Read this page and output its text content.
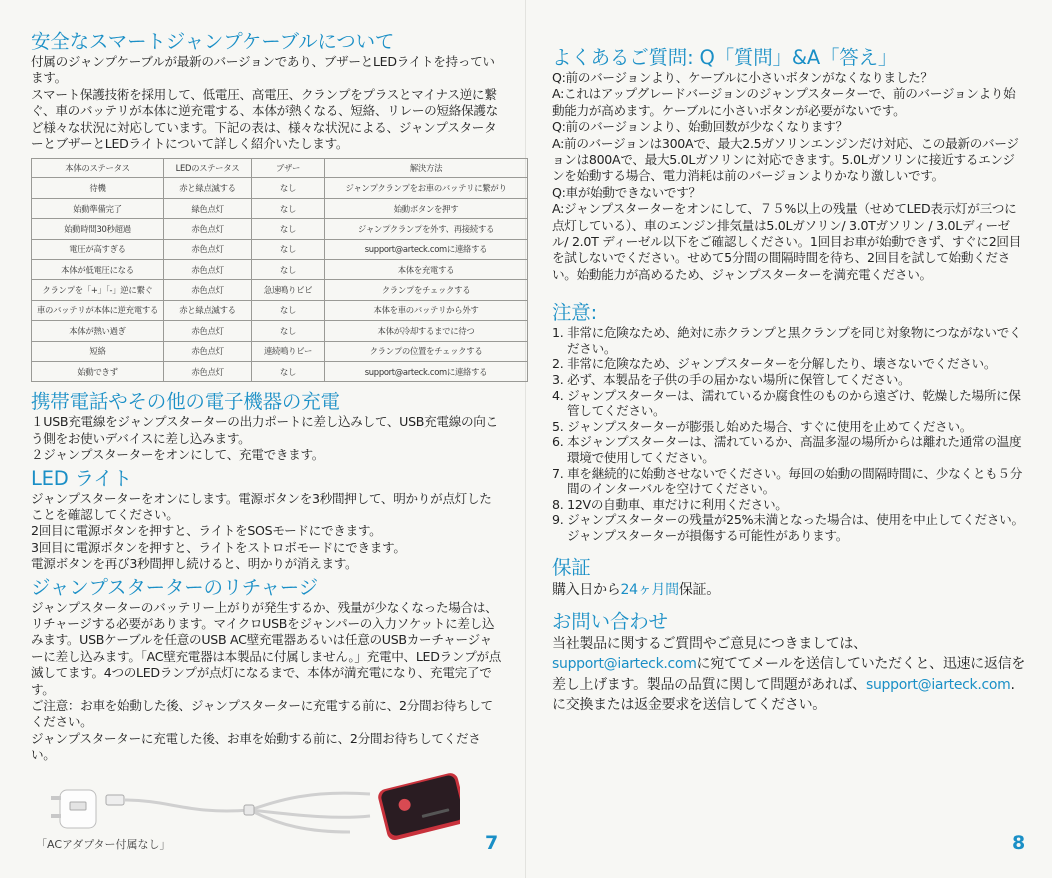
安全なスマートジャンプケーブルについて

付属のジャンプケーブルが最新のバージョンであり、ブザーとLEDライトを持っています。

スマート保護技術を採用して、低電圧、高電圧、クランプをプラスとマイナス逆に繋ぐ、車のバッテリが本体に逆充電する、本体が熱くなる、短絡、リレーの短絡保護など様々な状況に対応しています。下記の表は、様々な状況による、ジャンプスターターとブザーとLEDライトについて詳しく紹介いたします。

本体のステータス	LEDのステータス	ブザー	解決方法
待機	赤と緑点滅する	なし	ジャンプクランプをお車のバッテリに繋がり
始動準備完了	緑色点灯	なし	始動ボタンを押す
始動時間30秒超過	赤色点灯	なし	ジャンプクランプを外す、再接続する
電圧が高すぎる	赤色点灯	なし	support@arteck.comに連絡する
本体が低電圧になる	赤色点灯	なし	本体を充電する
クランプを「+」「-」逆に繋ぐ	赤色点灯	急速鳴りビビ	クランプをチェックする
車のバッテリが本体に逆充電する	赤と緑点滅する	なし	本体を車のバッテリから外す
本体が熱い過ぎ	赤色点灯	なし	本体が冷却するまでに待つ
短絡	赤色点灯	連続鳴りビー	クランプの位置をチェックする
始動できず	赤色点灯	なし	support@arteck.comに連絡する
携帯電話やその他の電子機器の充電

１USB充電線をジャンプスターターの出力ポートに差し込みして、USB充電線の向こう側をお使いデバイスに差し込みます。

２ジャンプスターターをオンにして、充電できます。

LED ライト

ジャンプスターターをオンにします。電源ボタンを3秒間押して、明かりが点灯したことを確認してください。

2回目に電源ボタンを押すと、ライトをSOSモードにできます。

3回目に電源ボタンを押すと、ライトをストロボモードにできます。

電源ボタンを再び3秒間押し続けると、明かりが消えます。

ジャンプスターターのリチャージ

ジャンプスターターのバッテリー上がりが発生するか、残量が少なくなった場合は、リチャージする必要があります。マイクロUSBをジャンパーの入力ソケットに差し込みます。USBケーブルを任意のUSB AC壁充電器あるいは任意のUSBカーチャージャーに差し込みます。「AC壁充電器は本製品に付属しません。」充電中、LEDランプが点滅してます。4つのLEDランプが点灯になるまで、本体が満充電になり、充電完了です。

ご注意：お車を始動した後、ジャンプスターターに充電する前に、2分間お待ちしてください。

ジャンプスターターに充電した後、お車を始動する前に、2分間お待ちしてください。

「ACアダプター付属なし」	7
よくあるご質問: Q「質問」&A「答え」

Q:前のバージョンより、ケーブルに小さいボタンがなくなりました？

A:これはアップグレードバージョンのジャンプスターターで、前のバージョンより始動能力が高めます。ケーブルに小さいボタンが必要がないです。

Q:前のバージョンより、始動回数が少なくなります？

A:前のバージョンは300Aで、最大2.5ガソリンエンジンだけ対応、この最新のバージョンは800Aで、最大5.0Lガソリンに対応できます。5.0Lガソリンに接近するエンジンを始動する場合、電力消耗は前のバージョンよりかなり激しいです。

Q:車が始動できないです？

A:ジャンプスターターをオンにして、７５%以上の残量（せめてLED表示灯が三つに点灯している）、車のエンジン排気量は5.0Lガソリン/ 3.0Tガソリン / 3.0Lディーゼル/ 2.0T ディーゼル以下をご確認しください。1回目お車が始動できず、すぐに2回目を試しないでください。せめて5分間の間隔時間を待ち、2回目を試して始動ください。始動能力が高めるため、ジャンプスターターを満充電ください。

注意:
1. 非常に危険なため、絶対に赤クランプと黒クランプを同じ対象物につながないでください。
2. 非常に危険なため、ジャンプスターターを分解したり、壊さないでください。
3. 必ず、本製品を子供の手の届かない場所に保管してください。
4. ジャンプスターターは、濡れているか腐食性のものから遠ざけ、乾燥した場所に保管してください。
5. ジャンプスターターが膨張し始めた場合、すぐに使用を止めてください。
6. 本ジャンプスターターは、濡れているか、高温多湿の場所からは離れた通常の温度環境で使用してください。
7. 車を継続的に始動させないでください。毎回の始動の間隔時間に、少なくとも５分間のインターバルを空けてください。
8. 12Vの自動車、車だけに利用ください。
9. ジャンプスターターの残量が25%未満となった場合は、使用を中止してください。ジャンプスターターが損傷する可能性があります。
保証

購入日から24ヶ月間保証。

お問い合わせ

当社製品に関するご質問やご意見につきましては、
support@iarteck.comに宛ててメールを送信していただくと、迅速に返信を差し上げます。製品の品質に関して問題があれば、support@iarteck.com.に交換または返金要求を送信してください。

8
